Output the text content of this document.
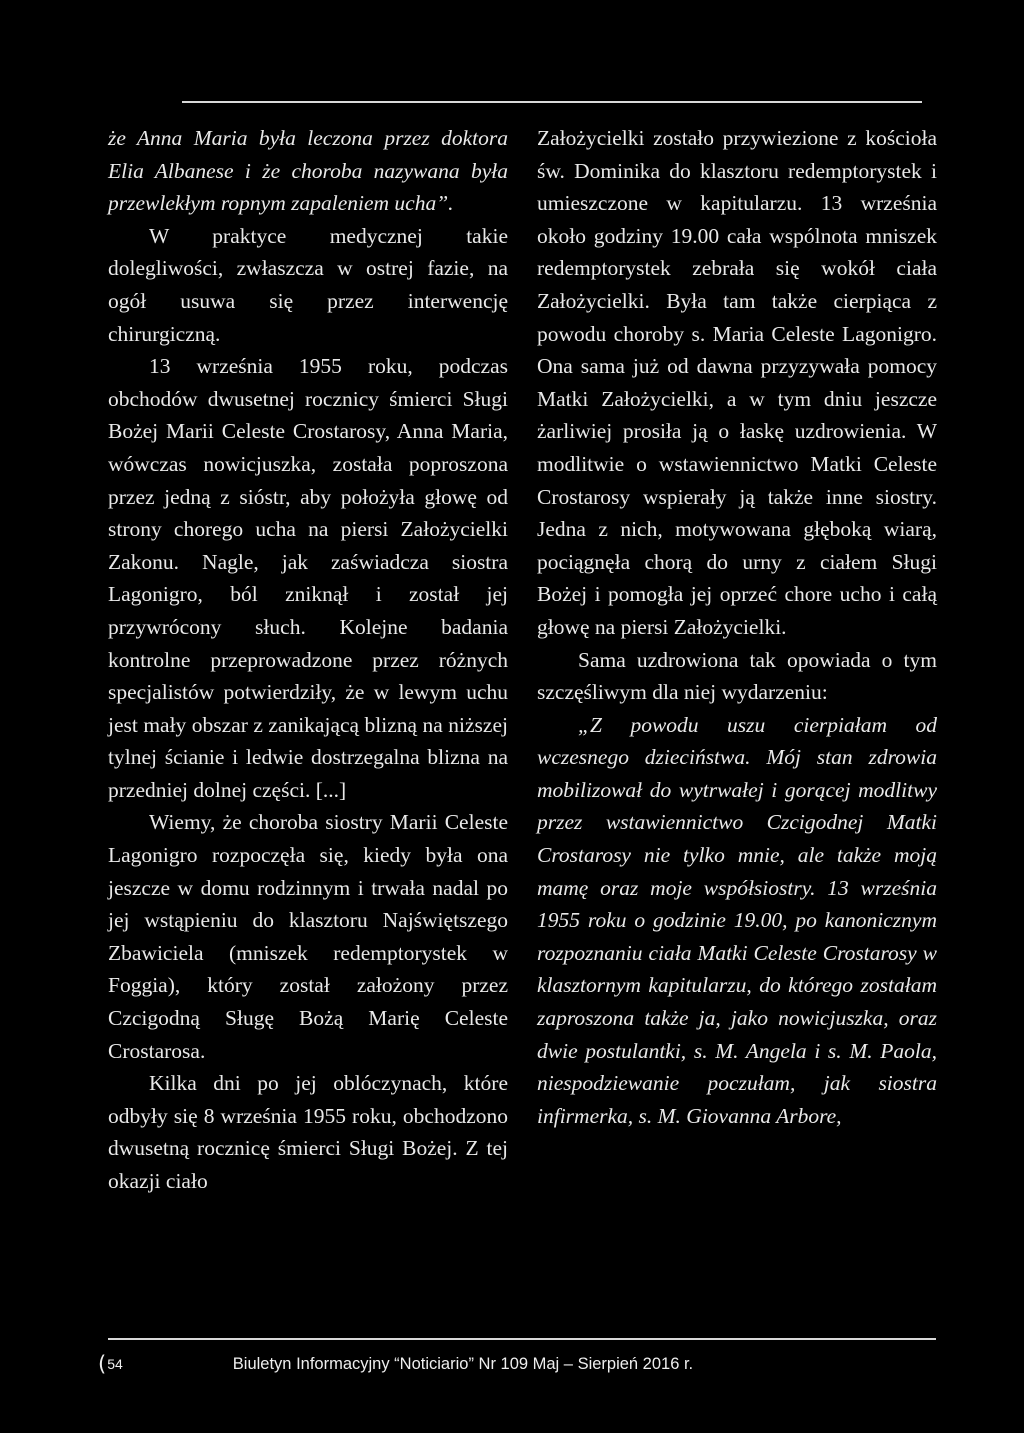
że Anna Maria była leczona przez doktora Elia Albanese i że choroba nazywana była przewlekłym ropnym zapaleniem ucha”.

W praktyce medycznej takie dolegliwości, zwłaszcza w ostrej fazie, na ogół usuwa się przez interwencję chirurgiczną.

13 września 1955 roku, podczas obchodów dwusetnej rocznicy śmierci Sługi Bożej Marii Celeste Crostarosy, Anna Maria, wówczas nowicjuszka, została poproszona przez jedną z sióstr, aby położyła głowę od strony chorego ucha na piersi Założycielki Zakonu. Nagle, jak zaświadcza siostra Lagonigro, ból zniknął i został jej przywrócony słuch. Kolejne badania kontrolne przeprowadzone przez różnych specjalistów potwierdziły, że w lewym uchu jest mały obszar z zanikającą blizną na niższej tylnej ścianie i ledwie dostrzegalna blizna na przedniej dolnej części. [...]

Wiemy, że choroba siostry Marii Celeste Lagonigro rozpoczęła się, kiedy była ona jeszcze w domu rodzinnym i trwała nadal po jej wstąpieniu do klasztoru Najświętszego Zbawiciela (mniszek redemptorystek w Foggia), który został założony przez Czcigodną Sługę Bożą Marię Celeste Crostarosa.

Kilka dni po jej oblóczynach, które odbyły się 8 września 1955 roku, obchodzono dwusetną rocznicę śmierci Sługi Bożej. Z tej okazji ciało

Założycielki zostało przywiezione z kościoła św. Dominika do klasztoru redemptorystek i umieszczone w kapitularzu. 13 września około godziny 19.00 cała wspólnota mniszek redemptorystek zebrała się wokół ciała Założycielki. Była tam także cierpiąca z powodu choroby s. Maria Celeste Lagonigro. Ona sama już od dawna przyzywała pomocy Matki Założycielki, a w tym dniu jeszcze żarliwiej prosiła ją o łaskę uzdrowienia. W modlitwie o wstawiennictwo Matki Celeste Crostarosy wspierały ją także inne siostry. Jedna z nich, motywowana głęboką wiarą, pociągnęła chorą do urny z ciałem Sługi Bożej i pomogła jej oprzeć chore ucho i całą głowę na piersi Założycielki.

Sama uzdrowiona tak opowiada o tym szczęśliwym dla niej wydarzeniu:

„Z powodu uszu cierpiałam od wczesnego dzieciństwa. Mój stan zdrowia mobilizował do wytrwałej i gorącej modlitwy przez wstawiennictwo Czcigodnej Matki Crostarosy nie tylko mnie, ale także moją mamę oraz moje współsiostry. 13 września 1955 roku o godzinie 19.00, po kanonicznym rozpoznaniu ciała Matki Celeste Crostarosy w klasztornym kapitularzu, do którego zostałam zaproszona także ja, jako nowicjuszka, oraz dwie postulantki, s. M. Angela i s. M. Paola, niespodziewanie poczułam, jak siostra infirmerka, s. M. Giovanna Arbore,

( 54	Biuletyn Informacyjny “Noticiario” Nr 109 Maj – Sierpień 2016 r.
